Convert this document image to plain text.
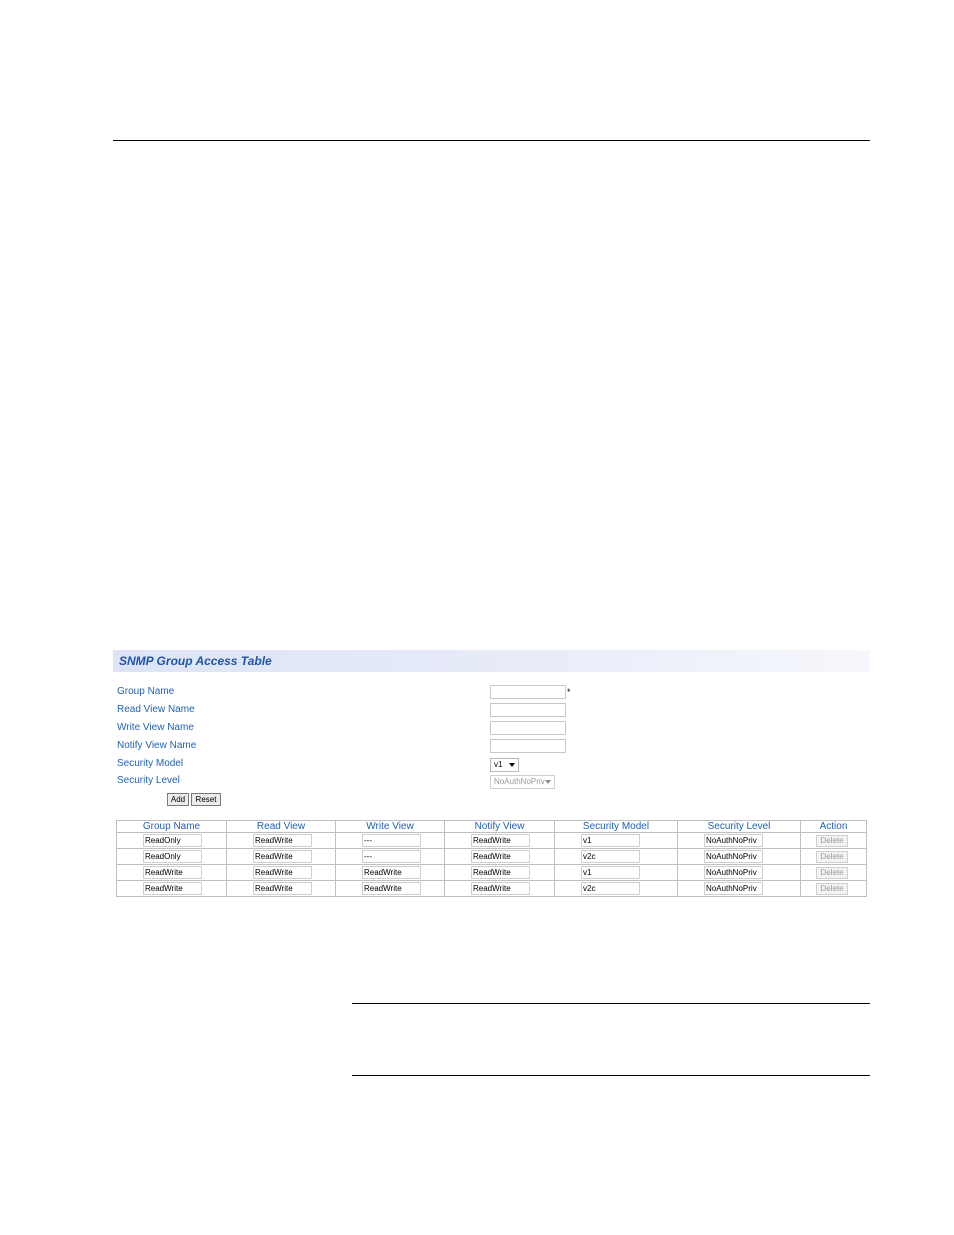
SNMP Group Access Table
Group Name	*
Read View Name
Write View Name
Notify View Name
Security Model	v1
Security Level	NoAuthNoPriv
Add	Reset
Group Name	Read View	Write View	Notify View	Security Model	Security Level	Action

ReadOnly	ReadWrite	---	ReadWrite	v1	NoAuthNoPriv	Delete

ReadOnly	ReadWrite	---	ReadWrite	v2c	NoAuthNoPriv	Delete

ReadWrite	ReadWrite	ReadWrite	ReadWrite	v1	NoAuthNoPriv	Delete

ReadWrite	ReadWrite	ReadWrite	ReadWrite	v2c	NoAuthNoPriv	Delete
